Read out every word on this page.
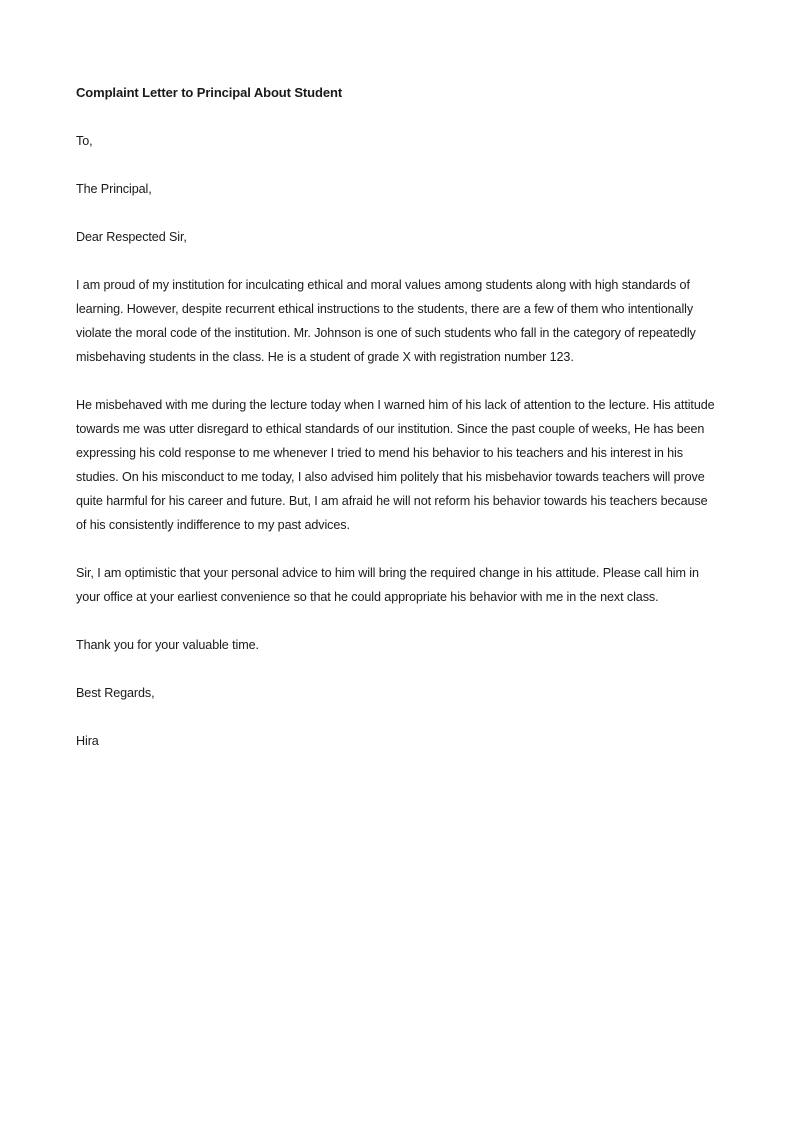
Complaint Letter to Principal About Student
To,
The Principal,
Dear Respected Sir,
I am proud of my institution for inculcating ethical and moral values among students along with high standards of learning. However, despite recurrent ethical instructions to the students, there are a few of them who intentionally violate the moral code of the institution. Mr. Johnson is one of such students who fall in the category of repeatedly misbehaving students in the class. He is a student of grade X with registration number 123.
He misbehaved with me during the lecture today when I warned him of his lack of attention to the lecture. His attitude towards me was utter disregard to ethical standards of our institution. Since the past couple of weeks, He has been expressing his cold response to me whenever I tried to mend his behavior to his teachers and his interest in his studies. On his misconduct to me today, I also advised him politely that his misbehavior towards teachers will prove quite harmful for his career and future. But, I am afraid he will not reform his behavior towards his teachers because of his consistently indifference to my past advices.
Sir, I am optimistic that your personal advice to him will bring the required change in his attitude. Please call him in your office at your earliest convenience so that he could appropriate his behavior with me in the next class.
Thank you for your valuable time.
Best Regards,
Hira
